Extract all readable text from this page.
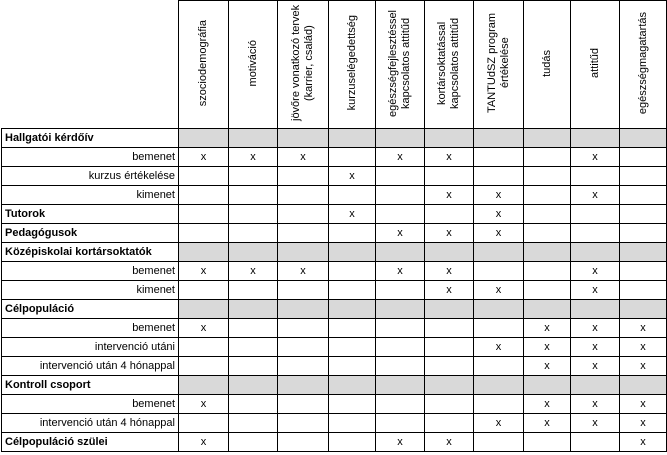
	szociodemográfia	motiváció	jövőre vonatkozó tervek (karrier, család)	kurzuselégedettség	egészségfejlesztéssel kapcsolatos attitűd	kortársoktatással kapcsolatos attitűd	TANTUdSZ program értékelése	tudás	attitűd	egészségmagatartás
Hallgatói kérdőív										
bemenet	x	x	x		x	x			x	
kurzus értékelése				x						
kimenet						x	x		x	
Tutorok				x			x			
Pedagógusok					x	x	x			
Középiskolai kortársoktatók										
bemenet	x	x	x		x	x			x	
kimenet						x	x		x	
Célpopuláció										
bemenet	x							x	x	x
intervenció utáni							x	x	x	x
intervenció után 4 hónappal								x	x	x
Kontroll csoport										
bemenet	x							x	x	x
intervenció után 4 hónappal							x	x	x	x
Célpopuláció szülei	x				x	x				x
